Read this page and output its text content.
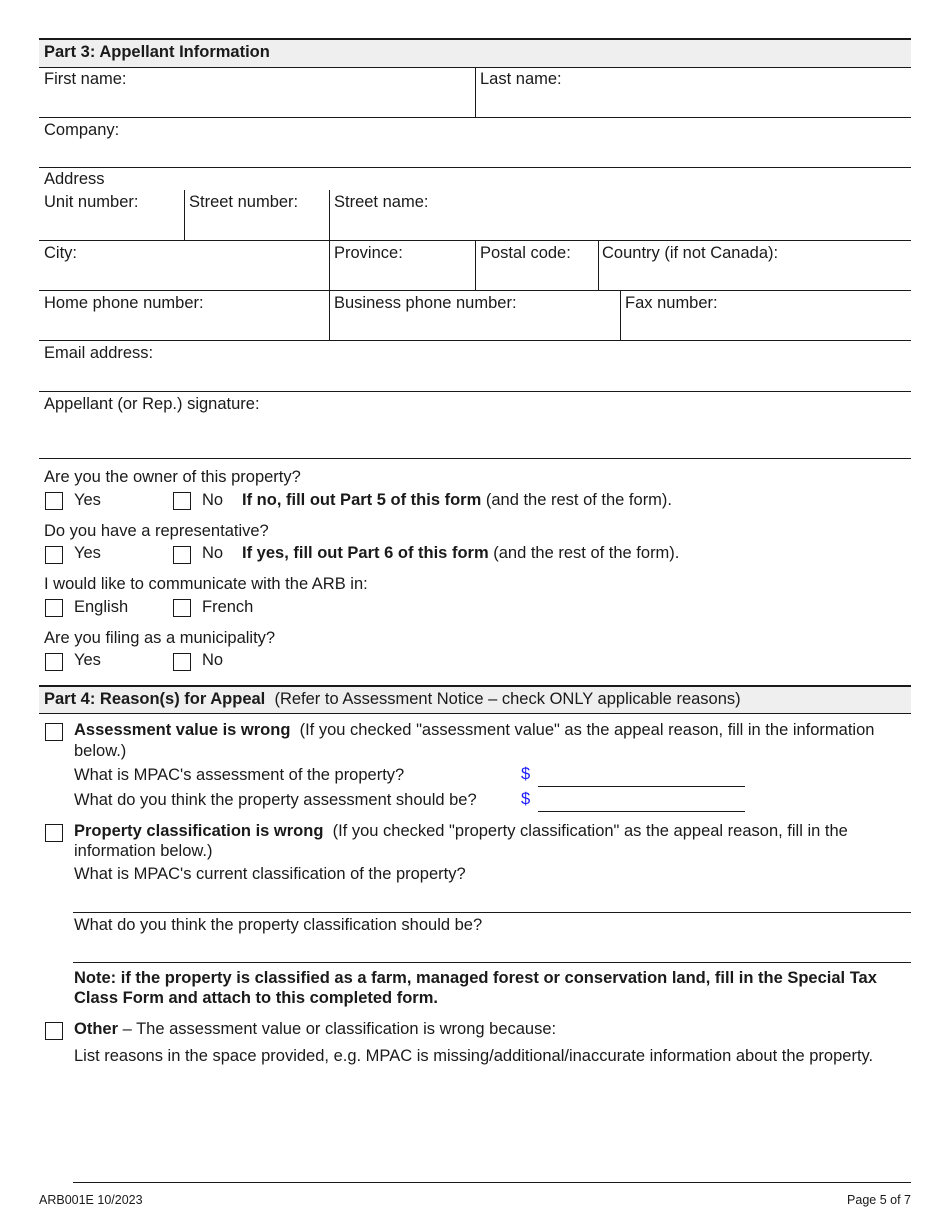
Part 3: Appellant Information
First name:	Last name:
Company:
Address
Unit number:	Street number: Street name:
City:	Province:	Postal code: Country (if not Canada):
Home phone number:	Business phone number:	Fax number:
Email address:
Appellant (or Rep.) signature:
Are you the owner of this property?
Yes	No If no, fill out Part 5 of this form (and the rest of the form).
Do you have a representative?
Yes	No If yes, fill out Part 6 of this form (and the rest of the form).
I would like to communicate with the ARB in:
English	French
Are you filing as a municipality?
Yes	No
Part 4: Reason(s) for Appeal (Refer to Assessment Notice – check ONLY applicable reasons)
Assessment value is wrong (If you checked "assessment value" as the appeal reason, fill in the information
below.)
What is MPAC's assessment of the property?	$
What do you think the property assessment should be?	$
Property classification is wrong (If you checked "property classification" as the appeal reason, fill in the
information below.)
What is MPAC's current classification of the property?
What do you think the property classification should be?
Note: if the property is classified as a farm, managed forest or conservation land, fill in the Special Tax
Class Form and attach to this completed form.
Other – The assessment value or classification is wrong because:
List reasons in the space provided, e.g. MPAC is missing/additional/inaccurate information about the property.
ARB001E 10/2023	Page 5 of 7
